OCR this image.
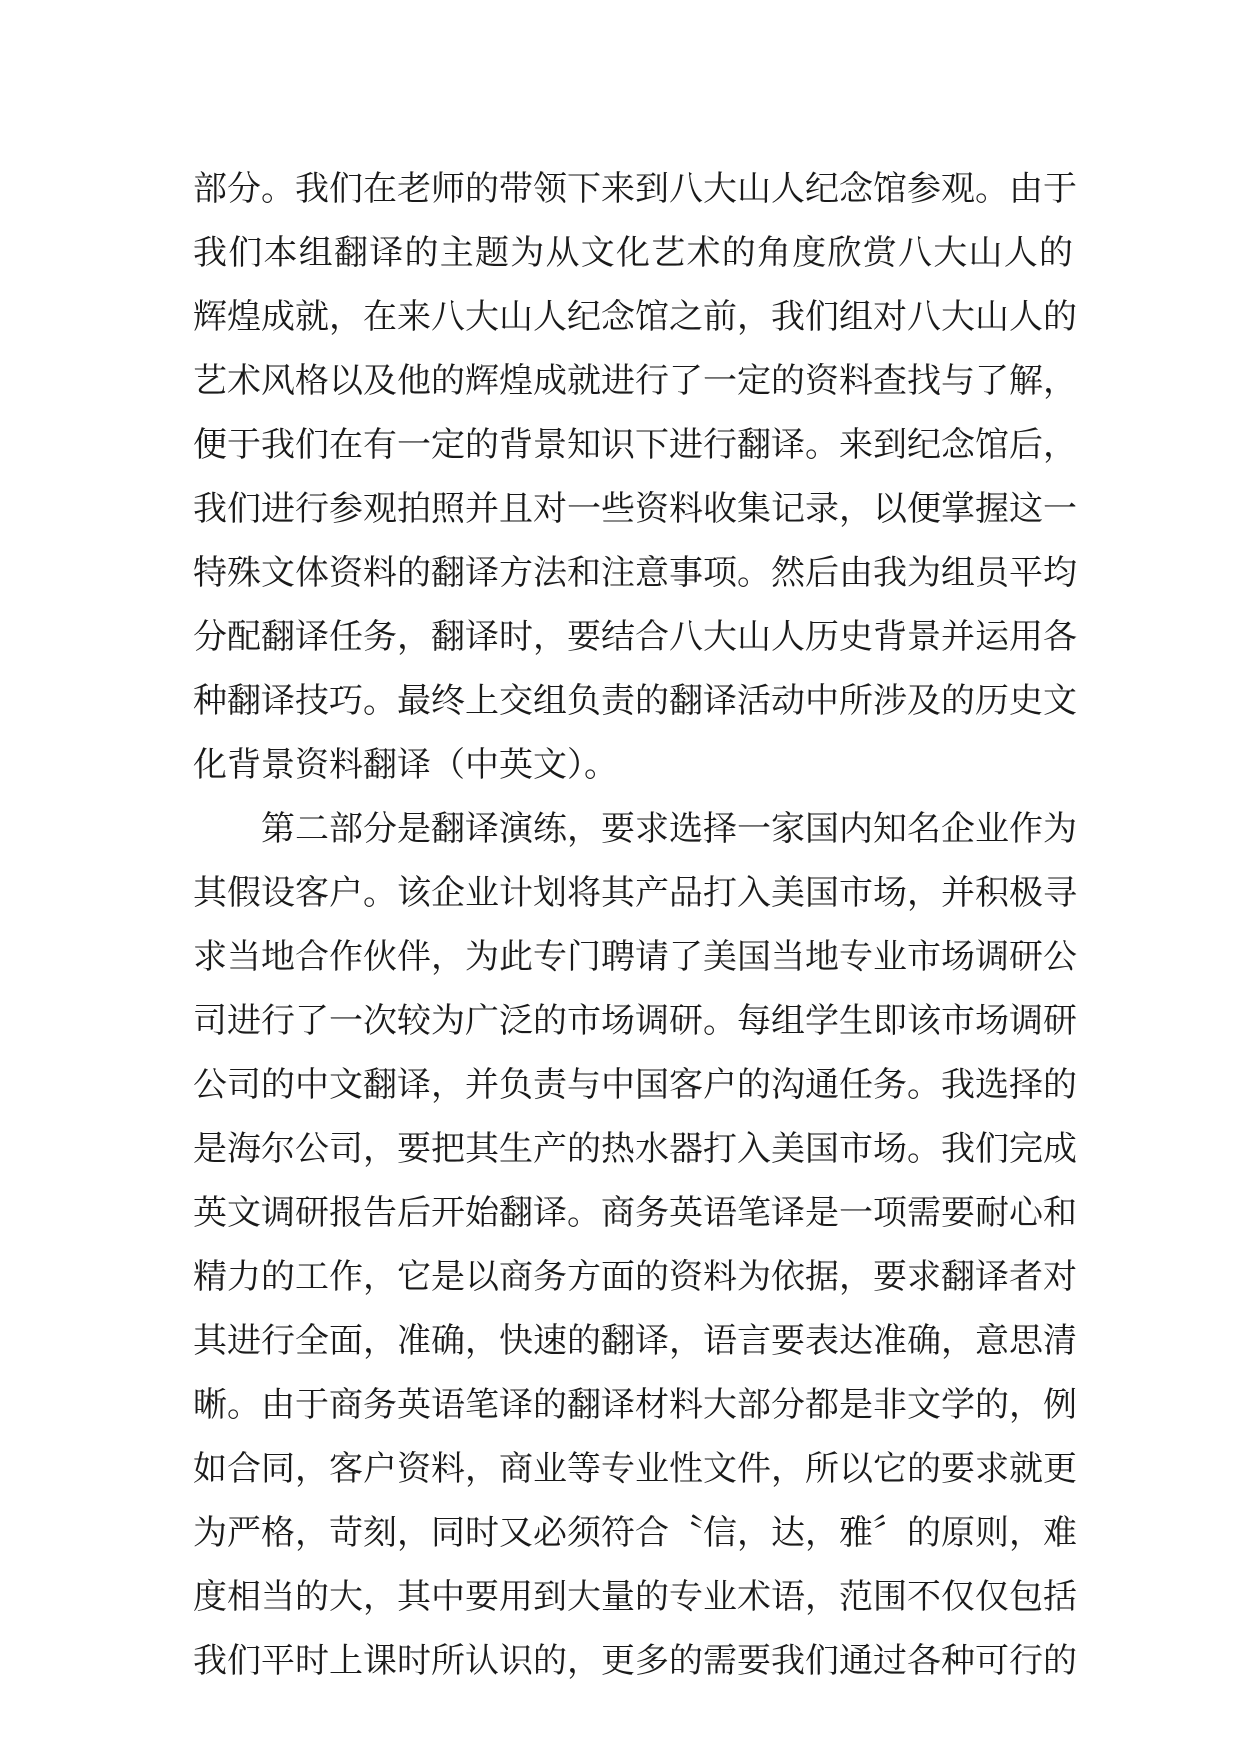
部分。我们在老师的带领下来到八大山人纪念馆参观。由于
我们本组翻译的主题为从文化艺术的角度欣赏八大山人的
辉煌成就，在来八大山人纪念馆之前，我们组对八大山人的
艺术风格以及他的辉煌成就进行了一定的资料查找与了解，
便于我们在有一定的背景知识下进行翻译。来到纪念馆后，
我们进行参观拍照并且对一些资料收集记录，以便掌握这一
特殊文体资料的翻译方法和注意事项。然后由我为组员平均
分配翻译任务，翻译时，要结合八大山人历史背景并运用各
种翻译技巧。最终上交组负责的翻译活动中所涉及的历史文
化背景资料翻译（中英文）。
第二部分是翻译演练，要求选择一家国内知名企业作为
其假设客户。该企业计划将其产品打入美国市场，并积极寻
求当地合作伙伴，为此专门聘请了美国当地专业市场调研公
司进行了一次较为广泛的市场调研。每组学生即该市场调研
公司的中文翻译，并负责与中国客户的沟通任务。我选择的
是海尔公司，要把其生产的热水器打入美国市场。我们完成
英文调研报告后开始翻译。商务英语笔译是一项需要耐心和
精力的工作，它是以商务方面的资料为依据，要求翻译者对
其进行全面，准确，快速的翻译，语言要表达准确，意思清
晰。由于商务英语笔译的翻译材料大部分都是非文学的，例
如合同，客户资料，商业等专业性文件，所以它的要求就更
为严格，苛刻，同时又必须符合〝信，达，雅〞的原则，难
度相当的大，其中要用到大量的专业术语，范围不仅仅包括
我们平时上课时所认识的，更多的需要我们通过各种可行的
